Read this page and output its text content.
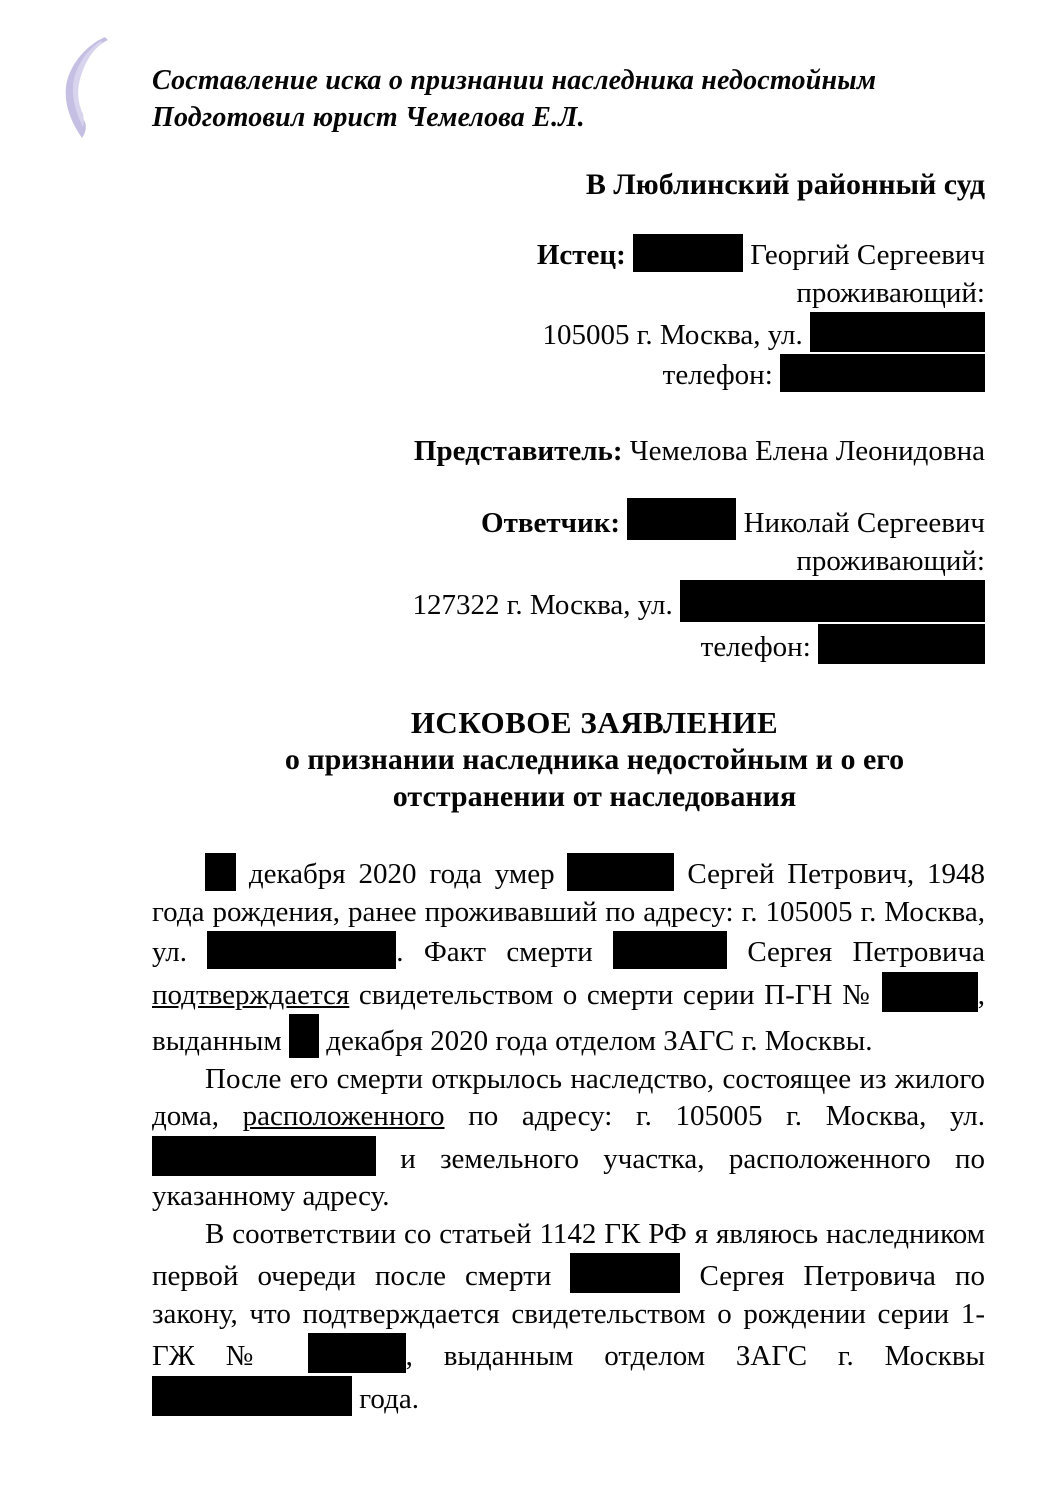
Составление иска о признании наследника недостойным
Подготовил юрист Чемелова Е.Л.
В Люблинский районный суд
Истец:	Георгий Сергеевич
проживающий:
105005 г. Москва, ул.
телефон:
Представитель: Чемелова Елена Леонидовна
Ответчик:	Николай Сергеевич
проживающий:
127322 г. Москва, ул.
телефон:
ИСКОВОЕ ЗАЯВЛЕНИЕ
о признании наследника недостойным и о его
отстранении от наследования

декабря 2020 года умер	Сергей Петрович, 1948 года рождения, ранее проживавший по адресу: г. 105005 г. Москва, ул.	. Факт смерти	Сергея Петровича подтверждается свидетельством о смерти серии П-ГН №	, выданным  декабря 2020 года отделом ЗАГС г. Москвы.

После его смерти открылось наследство, состоящее из жилого дома, расположенного по адресу: г. 105005 г. Москва, ул.  и земельного участка, расположенного по указанному адресу.

В соответствии со статьей 1142 ГК РФ я являюсь наследником первой очереди после смерти	Сергея Петровича по закону, что подтверждается свидетельством о рождении серии 1-ГЖ №	, выданным отделом ЗАГС г. Москвы  года.
